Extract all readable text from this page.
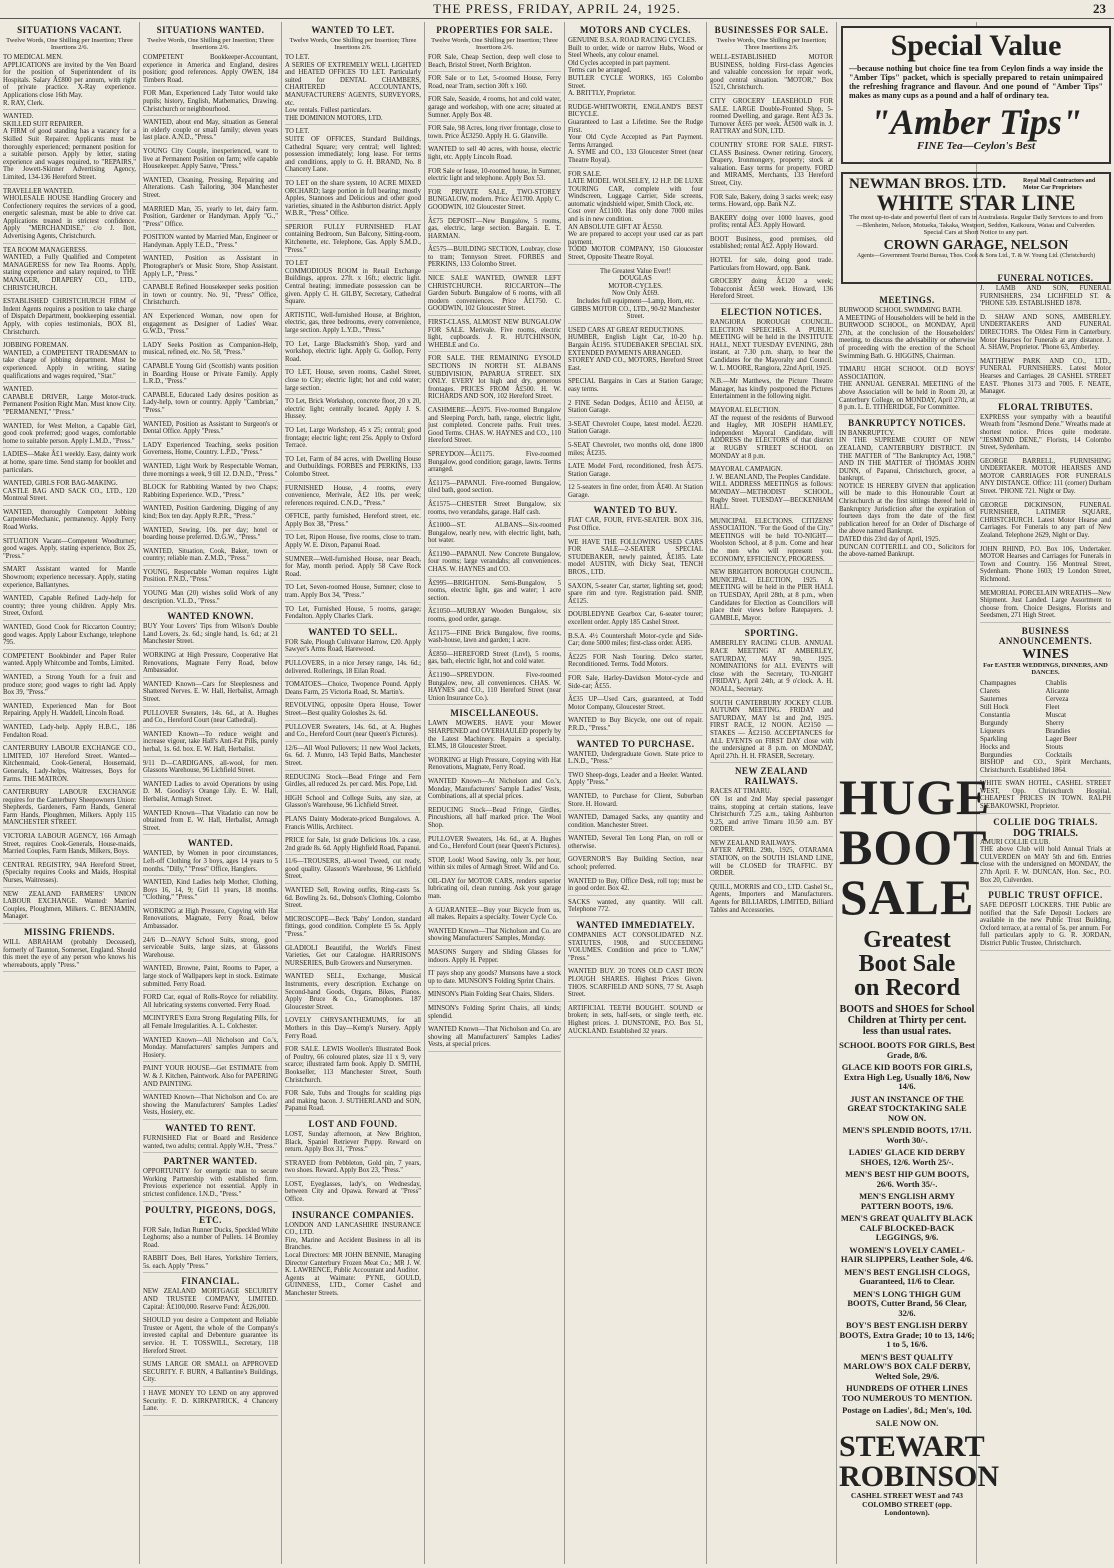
THE PRESS, FRIDAY, APRIL 24, 1925.	23
SITUATIONS VACANT.
Twelve Words, One Shilling per Insertion; Three Insertions 2/6.
TO MEDICAL MEN.
APPLICATIONS are invited by the Ven Board for the position of Superintendent of its Hospitals. Salary Â£800 per annum, with right of private practice. X-Ray experience. Applications close 16th May.
R. RAY, Clerk.
WANTED.
SKILLED SUIT REPAIRER.
A FIRM of good standing has a vacancy for a Skilled Suit Repairer. Applicants must be thoroughly experienced; permanent position for a suitable person. Apply by letter, stating experience and wages required, to "REPAIRS," The Jowett-Skinner Advertising Agency, Limited, 134-136 Hereford Street.
TRAVELLER WANTED.
WHOLESALE HOUSE Handling Grocery and Confectionery requires the services of a good, energetic salesman, must be able to drive car. Applications treated in strictest confidence. Apply "MERCHANDISE," c/o J. Ilott, Advertising Agents, Christchurch.
TEA ROOM MANAGERESS.
WANTED, a Fully Qualified and Competent MANAGERESS for new Tea Rooms. Apply, stating experience and salary required, to THE MANAGER, DRAPERY CO., LTD., CHRISTCHURCH.
ESTABLISHED CHRISTCHURCH FIRM of Indent Agents requires a position to take charge of Dispatch Department, bookkeeping essential. Apply, with copies testimonials, BOX 81, Christchurch.
JOBBING FOREMAN.
WANTED, a COMPETENT TRADESMAN to take charge of jobbing department. Must be experienced. Apply in writing, stating qualifications and wages required, "Star."
WANTED.
CAPABLE DRIVER, Large Motor-truck. Permanent Position Right Man. Must know City. "PERMANENT," "Press."
WANTED, for West Melton, a Capable Girl, good cook preferred; good wages, comfortable home to suitable person. Apply L.M.D., "Press."
LADIES—Make Â£1 weekly. Easy, dainty work at home, spare time. Send stamp for booklet and particulars.
WANTED, GIRLS FOR BAG-MAKING.
CASTLE BAG AND SACK CO., LTD., 120 Montreal Street.
WANTED, thoroughly Competent Jobbing Carpenter-Mechanic, permanency. Apply Ferry Road Works.
SITUATION Vacant—Competent Woodturner; good wages. Apply, stating experience, Box 25, "Press."
SMART Assistant wanted for Mantle Showroom; experience necessary. Apply, stating experience, Ballantynes.
WANTED, Capable Refined Lady-help for country; three young children. Apply Mrs. Street, Oxford.
WANTED, Good Cook for Riccarton Country; good wages. Apply Labour Exchange, telephone 795.
COMPETENT Bookbinder and Paper Ruler wanted. Apply Whitcombe and Tombs, Limited.
WANTED, a Strong Youth for a fruit and produce store; good wages to right lad. Apply Box 39, "Press."
WANTED, Experienced Man for Boot Repairing. Apply H. Waddell, Lincoln Road.
WANTED, Lady-help. Apply H.B.C., 186 Fendalton Road.
CANTERBURY LABOUR EXCHANGE CO., LIMITED, 107 Hereford Street. Wanted—Kitchenmaid, Cook-General, Housemaid, Generals, Lady-helps, Waitresses, Boys for Farms. THE MATRON.
CANTERBURY LABOUR EXCHANGE requires for the Canterbury Sheepowners Union: Shepherds, Gardeners, Farm Hands, General Farm Hands, Ploughmen, Milkers. Apply 115 MANCHESTER STREET.
VICTORIA LABOUR AGENCY, 166 Armagh Street, requires Cook-Generals, House-maids, Married Couples, Farm Hands, Milkers, Boys.
CENTRAL REGISTRY, 94A Hereford Street, (Specialty requires Cooks and Maids, Hospital Nurses, Waitresses).
NEW ZEALAND FARMERS' UNION LABOUR EXCHANGE. Wanted: Married Couples, Ploughmen, Milkers. C. BENJAMIN, Manager.
MISSING FRIENDS.
WILL ABRAHAM (probably Deceased), formerly of Taunton, Somerset, England. Should this meet the eye of any person who knows his whereabouts, apply "Press."
SITUATIONS WANTED.
Twelve Words, One Shilling per Insertion; Three Insertions 2/6.
COMPETENT Bookkeeper-Accountant, experience in America and England, desires position; good references. Apply OWEN, 184 Timbers Road.
FOR Man, Experienced Lady Tutor would take pupils; history, English, Mathematics, Drawing. Christchurch or neighbourhood.
WANTED, about end May, situation as General in elderly couple or small family; eleven years last place. A.N.D., "Press."
YOUNG City Couple, inexperienced, want to live at Permanent Position on farm; wife capable Housekeeper. Apply Sauve, "Press."
WANTED, Cleaning, Pressing, Repairing and Alterations. Cash Tailoring, 304 Manchester Street.
MARRIED Man, 35, yearly to let, dairy farm. Position, Gardener or Handyman. Apply "G.," "Press" Office.
POSITION wanted by Married Man, Engineer or Handyman. Apply T.E.D., "Press."
WANTED, Position as Assistant in Photographer's or Music Store, Shop Assistant. Apply L.P., "Press."
CAPABLE Refined Housekeeper seeks position in town or country. No. 91, "Press" Office, Christchurch.
AN Experienced Woman, now open for engagement as Designer of Ladies' Wear. G.W.D., "Press."
LADY Seeks Position as Companion-Help, musical, refined, etc. No. 58, "Press."
CAPABLE Young Girl (Scottish) wants position in Boarding House or Private Family. Apply L.R.D., "Press."
CAPABLE, Educated Lady desires position as Lady-help, town or country. Apply "Cambrian," "Press."
WANTED, Position as Assistant to Surgeon's or Dental Office. Apply "Press."
LADY Experienced Teaching, seeks position Governess, Home, Country. L.P.D., "Press."
WANTED, Light Work by Respectable Woman, three mornings a week, 9 till 12. D.N.D., "Press."
BLOCK for Rabbiting Wanted by two Chaps; Rabbiting Experience. W.D., "Press."
WANTED, Position Gardening, Digging of any kind; Box ten day. Apply R.P.R., "Press."
WANTED, Sewing, 10s. per day; hotel or boarding house preferred. D.G.W., "Press."
WANTED, Situation, Cook, Baker, town or country; reliable man. Z.M.D., "Press."
YOUNG, Respectable Woman requires Light Position. P.N.D., "Press."
YOUNG Man (20) wishes solid Work of any description. V.L.D., "Press."
WANTED KNOWN.
BUY Your Lovers' Tips from Wilson's Double Land Lovers, 2s. 6d.; single hand, 1s. 6d.; at 21 Manchester Street.
WORKING at High Pressure, Cooperative Hat Renovations, Magnate Ferry Road, below Ambassador.
WANTED Known—Cars for Sleeplesness and Shattered Nerves. E. W. Hall, Herbalist, Armagh Street.
PULLOVER Sweaters, 14s. 6d., at A. Hughes and Co., Hereford Court (near Cathedral).
WANTED Known—To reduce weight and increase vigour, take Hall's Anti-Fat Pills, purely herbal, 1s. 6d. box. E. W. Hall, Herbalist.
9/11 D—CARDIGANS, all-wool, for men. Glassons Warehouse, 96 Lichfield Street.
WANTED Ladies to avoid Operations by using D. M. Goodisy's Orange Lily. E. W. Hall, Herbalist, Armagh Street.
WANTED Known—That Vitadatio can now be obtained from E. W. Hall, Herbalist, Armagh Street.
WANTED.
WANTED, by Women in poor circumstances, Left-off Clothing for 3 boys, ages 14 years to 5 months. "Dilly," "Press" Office, Hanglers.
WANTED, Kind Ladies help Mother, Clothing, Boys 16, 14, 9; Girl 11 years, 18 months. "Clothing," "Press."
WORKING at High Pressure, Copying with Hat Renovations, Magnate, Ferry Road, below Ambassador.
24/6 D—NAVY School Suits, strong, good serviceable Suits, large sizes, at Glassons Warehouse.
WANTED, Browne, Paint, Rooms to Paper, a large stock of Wallpapers kept in stock. Estimate submitted. Ferry Road.
FORD Car, equal of Rolls-Royce for reliability. All lubricating systems converted. Ferry Road.
MCINTYRE'S Extra Strong Regulating Pills, for all Female Irregularities. A. L. Colchester.
WANTED Known—All Nicholson and Co.'s, Monday. Manufacturers' samples Jumpers and Hosiery.
PAINT YOUR HOUSE—Get ESTIMATE from W. & J. Kitchen, Paintwork. Also for PAPERING AND PAINTING.
WANTED Known—That Nicholson and Co. are showing the Manufacturers' Samples Ladies' Vests, Hosiery, etc.
WANTED TO RENT.
FURNISHED Flat or Board and Residence wanted, two adults; central. Apply W.H., "Press."
PARTNER WANTED.
OPPORTUNITY for energetic man to secure Working Partnership with established firm. Previous experience not essential. Apply in strictest confidence. I.N.D., "Press."
POULTRY, PIGEONS, DOGS, ETC.
FOR Sale, Indian Runner Ducks, Speckled White Leghorns; also a number of Pullets. 14 Bromley Road.
RABBIT Does, Bell Hares, Yorkshire Terriers, 5s. each. Apply "Press."
FINANCIAL.
NEW ZEALAND MORTGAGE SECURITY AND TRUSTEE COMPANY, LIMITED. Capital: Â£100,000. Reserve Fund: Â£26,000.
SHOULD you desire a Competent and Reliable Trustee or Agent, the whole of the Company's invested capital and Debenture guarantee its service. H. T. TOSSWILL, Secretary, 118 Hereford Street.
SUMS LARGE OR SMALL on APPROVED SECURITY. F. BURN, 4 Ballantine's Buildings, City.
I HAVE MONEY TO LEND on any approved Security. F. D. KIRKPATRICK, 4 Chancery Lane.
WANTED TO LET.
Twelve Words, One Shilling per Insertion; Three Insertions 2/6.
TO LET.
A SERIES OF EXTREMELY WELL LIGHTED and HEATED OFFICES TO LET. Particularly suited for DENTAL CHAMBERS, CHARTERED ACCOUNTANTS, MANUFACTURERS' AGENTS, SURVEYORS, etc.
Low rentals. Fullest particulars.
THE DOMINION MOTORS, LTD.
TO LET.
SUITE OF OFFICES, Standard Buildings, Cathedral Square; very central; well lighted; possession immediately; long lease. For terms and conditions, apply to G. H. BRAND, No. 8 Chancery Lane.
TO LET on the share system, 10 ACRE MIXED ORCHARD; large portion in full bearing; mostly Apples, Stannoes and Delicious and other good varieties, situated in the Ashburton district. Apply W.B.R., "Press" Office.
SPERIOR FULLY FURNISHED FLAT containing Bedroom, Sun Balcony, Sitting-room, Kitchenette, etc. Telephone, Gas. Apply S.M.D., "Press."
TO LET
COMMODIOUS ROOM in Retail Exchange Buildings, approx. 27ft. x 16ft.; electric light. Central heating; immediate possession can be given. Apply C. H. GILBY, Secretary, Cathedral Square.
ARTISTIC, Well-furnished House, at Brighton, electric, gas, three bedrooms, every convenience, large section. Apply L.Y.D., "Press."
TO Let, Large Blacksmith's Shop, yard and workshop, electric light. Apply G. Gollop, Ferry Road.
TO LET, House, seven rooms, Cashel Street, close to City; electric light; hot and cold water; large section.
TO Let, Brick Workshop, concrete floor, 20 x 20, electric light; centrally located. Apply J. S. Hussey.
TO Let, Large Workshop, 45 x 25; central; good frontage; electric light; rent 25s. Apply to Oxford Terrace.
TO Let, Farm of 84 acres, with Dwelling House and Outbuildings. FORBES and PERKINS, 133 Colombo Street.
FURNISHED House, 4 rooms, every convenience, Merivale, Â£2 10s. per week; references required. C.N.D., "Press."
OFFICE, partly furnished, Hereford street, etc. Apply Box 38, "Press."
TO Let, Ripon House, five rooms, close to tram. Apply W. E. Dixon, Papanui Road.
SUMNER—Well-furnished House, near Beach, for May, month period. Apply 58 Cave Rock Road.
TO Let, Seven-roomed House, Sumner; close to tram. Apply Box 34, "Press."
TO Let, Furnished House, 5 rooms, garage; Fendalton. Apply Charles Clark.
WANTED TO SELL.
FOR Sale, Plough Cultivator Harrow, £20. Apply Sawyer's Arms Road, Harewood.
PULLOVERS, in a nice Jersey range, 14s. 6d.; delivered. Rollerings, 18 Eilan Road.
TOMATOES—Choice, Twopence Pound. Apply Deans Farm, 25 Victoria Road, St. Martin's.
REVOLVING, opposite Opera House, Tower Street—Best quality Goloshes 2s. 6d.
PULLOVER Sweaters, 14s. 6d., at A. Hughes and Co., Hereford Court (near Queen's Pictures).
12/6—All Wool Pullovers; 11 new Wool Jackets, 6s. 6d. J. Munro, 143 Tepid Baths, Manchester Street.
REDUCING Stock—Bead Fringe and Fern Girdles, all reduced 2s. per card. Mrs. Pope, Ltd.
HIGH School and College Suits, any size, at Glasson's Warehouse, 96 Lichfield Street.
PLANS Dainty Moderate-priced Bungalows. A. Francis Willis, Architect.
PRICE for Sale, 1st grade Delicious 10s. a case, 2nd grade 8s. 6d. Apply Highfield Road, Papanui.
11/6—TROUSERS, all-wool Tweed, cut ready, good quality. Glasson's Warehouse, 96 Lichfield Street.
WANTED Sell, Rowing outfits, Ring-casts 5s. 6d. Bowling 2s. 6d., Dobson's Clothing, Colombo Street.
MICROSCOPE—Beck 'Baby' London, standard fittings, good condition. Complete £5 5s. Apply "Press."
GLADIOLI Beautiful, the World's Finest Varieties, Get our Catalogue. HARRISON'S NURSERIES, Bulb Growers and Nurserymen.
WANTED SELL, Exchange, Musical Instruments, every description. Exchange on Second-hand Goods, Organs, Bikes, Pianos. Apply Bruce & Co., Gramophones. 187 Gloucester Street.
LOVELY CHRYSANTHEMUMS, for all Mothers in this Day—Kemp's Nursery. Apply Ferry Road.
FOR SALE. LEWIS Woollen's Illustrated Book of Poultry, 66 coloured plates, size 11 x 9, very scarce; illustrated farm book. Apply D. SMITH, Bookseller, 113 Manchester Street, South Christchurch.
FOR Sale, Tubs and Troughs for scalding pigs and making bacon. J. SUTHERLAND and SON, Papanui Road.
LOST AND FOUND.
LOST, Sunday afternoon, at New Brighton, Black, Spaniel Retriever Puppy. Reward on return. Apply Box 31, "Press."
STRAYED from Pebbleton, Gold pin, 7 years, two shoes. Reward. Apply Box 23, "Press."
LOST, Eyeglasses, lady's, on Wednesday, between City and Opawa. Reward at "Press" Office.
INSURANCE COMPANIES.
LONDON AND LANCASHIRE INSURANCE CO., LTD.
Fire, Marine and Accident Business in all its Branches.
Local Directors: MR JOHN BENNIE, Managing Director Canterbury Frozen Meat Co.; MR J. W. K. LAWRENCE, Public Accountant and Auditor.
Agents at Waimate: PYNE, GOULD, GUINNESS, LTD., Corner Cashel and Manchester Streets.
PROPERTIES FOR SALE.
Twelve Words, One Shilling per Insertion; Three Insertions 2/6.
FOR Sale, Cheap Section, deep well close to Beach, Bristol Street, North Brighton.
FOR Sale or to Let, 5-roomed House, Ferry Road, near Tram, section 30ft x 160.
FOR Sale, Seaside, 4 rooms, hot and cold water, garage and workshop, with one acre; situated at Sumner. Apply Box 48.
FOR Sale, 98 Acres, long river frontage, close to town. Price Â£3250. Apply H. G. Glanville.
WANTED to sell 40 acres, with house, electric light, etc. Apply Lincoln Road.
FOR Sale or lease, 10-roomed house, in Sumner, electric light and telephone. Apply Box 53.
FOR PRIVATE SALE, TWO-STOREY BUNGALOW, modern. Price Â£1700. Apply C. GOODWIN, 102 Gloucester Street.
Â£75 DEPOSIT—New Bungalow, 5 rooms, gas, electric, large section. Bargain. E. T. HARMAN.
Â£575—BUILDING SECTION, Loubray, close to tram; Tennyson Street. FORBES and PERKINS, 133 Colombo Street.
NICE SALE WANTED, OWNER LEFT CHRISTCHURCH. RICCARTON—The Garden Suburb. Bungalow of 6 rooms, with all modern conveniences. Price Â£1750. C. GOODWIN, 102 Gloucester Street.
FIRST-CLASS, ALMOST NEW BUNGALOW FOR SALE. Merivale. Five rooms, electric light, cupboards. J. R. HUTCHINSON, WHEBLE and Co.
FOR SALE. THE REMAINING EYSOLD SECTIONS IN NORTH ST. ALBANS SUBDIVISION, PAPARUA STREET. SIX ONLY. EVERY lot high and dry, generous frontages. PRICES FROM Â£500. H. W. RICHARDS AND SON, 102 Hereford Street.
CASHMERE—Â£975. Five-roomed Bungalow and Sleeping Porch, bath, range, electric light, just completed. Concrete paths. Fruit trees. Good Terms. CHAS. W. HAYNES and CO., 110 Hereford Street.
SPREYDON—Â£1175. Five-roomed Bungalow, good condition; garage, lawns. Terms arranged.
Â£1175—PAPANUI. Five-roomed Bungalow, tiled bath, good section.
Â£1575—CHESTER Street Bungalow, six rooms, two verandahs, garage. Half cash.
Â£1000—ST. ALBANS—Six-roomed Bungalow, nearly new, with electric light, bath, hot water.
Â£1190—PAPANUI. New Concrete Bungalow, four rooms; large verandahs; all conveniences. CHAS. W. HAYNES and CO.
Â£995—BRIGHTON. Semi-Bungalow, 5 rooms, electric light, gas and water; 1 acre section.
Â£1050—MURRAY Wooden Bungalow, six rooms, good order, garage.
Â£1175—FINE Brick Bungalow, five rooms, wash-house, lawn and garden; 1 acre.
Â£850—HEREFORD Street (Lnvl), 5 rooms, gas, bath, electric light, hot and cold water.
Â£1190—SPREYDON. Five-roomed Bungalow, new, all conveniences. CHAS. W. HAYNES and CO., 110 Hereford Street (near Union Insurance Co.).
MISCELLANEOUS.
LAWN MOWERS. HAVE your Mower SHARPENED and OVERHAULED properly by the Latest Machinery. Repairs a specialty. ELMS, 18 Gloucester Street.
WORKING at High Pressure, Copying with Hat Renovations, Magnate, Ferry Road.
WANTED Known—At Nicholson and Co.'s, Monday, Manufacturers' Sample Ladies' Vests, Combinations, all at special prices.
REDUCING Stock—Bead Fringe, Girdles, Pincushions, all half marked price. The Wool Shop.
PULLOVER Sweaters, 14s. 6d., at A. Hughes and Co., Hereford Court (near Queen's Pictures).
STOP, Look! Wood Sawing, only 3s. per hour, within six miles of Armagh Street. Wild and Co.
OIL-DAY for MOTOR CARS, renders superior lubricating oil, clean running. Ask your garage man.
A GUARANTEE—Buy your Bicycle from us, all makes. Repairs a specialty. Tower Cycle Co.
WANTED Known—That Nicholson and Co. are showing Manufacturers' Samples, Monday.
MASONS Surgery and Sliding Glasses for indoors. Apply H. Pepper.
IT pays shop any goods? Munsons have a stock up to date. MUNSON'S Folding Sprint Chairs.
MINSON's Plain Folding Seat Chairs, Sliders.
MINSON's Folding Sprint Chairs, all kinds; splendid.
WANTED Known—That Nicholson and Co. are showing all Manufacturers' Samples Ladies' Vests, at special prices.
MOTORS AND CYCLES.
GENUINE B.S.A. ROAD RACING CYCLES.
Built to order, wide or narrow Hubs, Wood or Steel Wheels, any colour enamel.
Old Cycles accepted in part payment.
Terms can be arranged.
BUTLER CYCLE WORKS, 165 Colombo Street.
A. BRITTLY, Proprietor.
RUDGE-WHITWORTH, ENGLAND'S BEST BICYCLE.
Guaranteed to Last a Lifetime. See the Rudge First.
Your Old Cycle Accepted as Part Payment. Terms Arranged.
A. SYME and CO., 133 Gloucester Street (near Theatre Royal).
FOR SALE.
LATE MODEL WOLSELEY, 12 H.P. DE LUXE TOURING CAR, complete with four Windscreen, Luggage Carrier, Side screens, automatic windshield wiper, Smith Clock, etc.
Cost over Â£1100. Has only done 7000 miles and is in new condition.
AN ABSOLUTE GIFT AT Â£550.
We are prepared to accept your used car as part payment.
TODD MOTOR COMPANY, 150 Gloucester Street, Opposite Theatre Royal.
The Greatest Value Ever!!
DOUGLAS
MOTOR-CYCLES.
Now Only Â£69.
Includes full equipment—Lamp, Horn, etc.
GIBBS MOTOR CO., LTD., 90-92 Manchester Street.
USED CARS AT GREAT REDUCTIONS.
HUMBER, English Light Car, 10-20 h.p. Bargain Â£195. STUDEBAKER SPECIAL SIX. EXTENDED PAYMENTS ARRANGED.
STOREY AND CO., MOTORS, Hereford Street East.
SPECIAL Bargains in Cars at Station Garage; easy terms.
2 FINE Sedan Dodges, Â£110 and Â£150, at Station Garage.
3-SEAT Chevrolet Coupe, latest model. Â£220. Station Garage.
5-SEAT Chevrolet, two months old, done 1800 miles; Â£235.
LATE Model Ford, reconditioned, fresh Â£75. Station Garage.
12 5-seaters in fine order, from Â£40. At Station Garage.
WANTED TO BUY.
FIAT CAR, FOUR, FIVE-SEATER. BOX 316, Post Office.
WE HAVE THE FOLLOWING USED CARS FOR SALE—2-SEATER SPECIAL STUDEBAKER, newly painted, Â£185. Late model AUSTIN, with Dicky Seat, TENCH BROS., LTD.
SAXON, 5-seater Car, starter, lighting set, good; spare rim and tyre. Registration paid. SNIP, Â£125.
DOUBLEDYNE Gearbox Car, 6-seater tourer; excellent order. Apply 185 Cashel Street.
B.S.A. 4½ Countershaft Motor-cycle and Side-Car; done 5000 miles; first-class order. Â£85.
Â£225 FOR Nash Touring. Delco starter, Reconditioned. Terms. Todd Motors.
FOR Sale, Harley-Davidson Motor-cycle and Side-car; Â£55.
Â£35 UP—Used Cars, guaranteed, at Todd Motor Company, Gloucester Street.
WANTED to Buy Bicycle, one out of repair. P.R.D., "Press."
WANTED TO PURCHASE.
WANTED, Undergraduate Gown. State price to L.N.D., "Press."
TWO Sheep-dogs, Leader and a Heeler. Wanted. Apply "Press."
WANTED, to Purchase for Client, Suburban Store. H. Howard.
WANTED, Damaged Sacks, any quantity and condition. Manchester Street.
WANTED, Several Ten Long Plan, on roll or otherwise.
GOVERNOR'S Bay Building Section, near school; preferred.
WANTED to Buy, Office Desk, roll top; must be in good order. Box 42.
SACKS wanted, any quantity. Will call. Telephone 772.
WANTED IMMEDIATELY.
COMPANIES ACT CONSOLIDATED N.Z. STATUTES, 1908, and SUCCEEDING VOLUMES. Condition and price to "LAW," "Press."
WANTED BUY. 20 TONS OLD CAST IRON PLOUGH SHARES. Highest Prices Given. THOS. SCARFIELD AND SONS, 77 St. Asaph Street.
ARTIFICIAL TEETH BOUGHT. SOUND or broken; in sets, half-sets, or single teeth, etc. Highest prices. J. DUNSTONE, P.O. Box 51, AUCKLAND. Established 32 years.
BUSINESSES FOR SALE.
Twelve Words, One Shilling per Insertion; Three Insertions 2/6.
WELL-ESTABLISHED MOTOR BUSINESS, holding First-class Agencies and valuable concession for repair work, good central situation. "MOTOR," Box 1521, Christchurch.
CITY GROCERY LEASEHOLD FOR SALE. LARGE Double-Fronted Shop, 5-roomed Dwelling, and garage. Rent Â£3 3s. Turnover Â£65 per week. Â£500 walk in. J. RATTRAY and SON, LTD.
COUNTRY STORE FOR SALE. FIRST-CLASS Business. Owner retiring. Grocery, Drapery, Ironmongery, property; stock at valuation. Easy terms for property. FORD and MIRAMS, Merchants, 133 Hereford Street, City.
FOR Sale, Bakery, doing 3 sacks week; easy terms. Howard, opp. Bank N.Z.
BAKERY doing over 1000 loaves, good profits; rental Â£3. Apply Howard.
BOOT Business, good premises, old established; rental Â£2. Apply Howard.
HOTEL for sale, doing good trade. Particulars from Howard, opp. Bank.
GROCERY doing Â£120 a week; Tobacconist Â£50 week. Howard, 136 Hereford Street.
ELECTION NOTICES.
RANGIORA BOROUGH COUNCIL. ELECTION SPEECHES. A PUBLIC MEETING will be held in the INSTITUTE HALL, NEXT TUESDAY EVENING, 28th instant, at 7.30 p.m. sharp, to hear the Candidates for the Mayoralty and Council. W. L. MOORE, Rangiora, 22nd April, 1925.
N.B.—Mr Matthews, the Picture Theatre Manager, has kindly postponed the Pictures Entertainment in the following night.
MAYORAL ELECTION.
AT the request of the residents of Burwood and Hagley, MR JOSEPH HAMLEY, independent Mayoral Candidate, will ADDRESS the ELECTORS of that district at RUGBY STREET SCHOOL on MONDAY at 8 p.m.
MAYORAL CAMPAIGN.
J. W. BEANLAND, The Peoples Candidate.
WILL ADDRESS MEETINGS as follows: MONDAY—METHODIST SCHOOL, Rugby Street. TUESDAY—BECKENHAM HALL.
MUNICIPAL ELECTIONS. CITIZENS' ASSOCIATION. "For the Good of the City." MEETINGS will be held TO-NIGHT—Woolston School, at 8 p.m. Come and hear the men who will represent you. ECONOMY, EFFICIENCY, PROGRESS.
NEW BRIGHTON BOROUGH COUNCIL. MUNICIPAL ELECTION, 1925. A MEETING will be held in the PIER HALL on TUESDAY, April 28th, at 8 p.m., when Candidates for Election as Councillors will place their views before Ratepayers. J. GAMBLE, Mayor.
SPORTING.
AMBERLEY RACING CLUB. ANNUAL RACE MEETING AT AMBERLEY, SATURDAY, MAY 9th, 1925. NOMINATIONS for ALL EVENTS will close with the Secretary, TO-NIGHT (FRIDAY), April 24th, at 9 o'clock. A. H. NOALL, Secretary.
SOUTH CANTERBURY JOCKEY CLUB. AUTUMN MEETING. FRIDAY and SATURDAY, MAY 1st and 2nd, 1925. FIRST RACE, 12 NOON. Â£2150 — STAKES — Â£2150. ACCEPTANCES for ALL EVENTS on FIRST DAY close with the undersigned at 8 p.m. on MONDAY, April 27th. H. H. FRASER, Secretary.
NEW ZEALAND RAILWAYS.
RACES AT TIMARU.
ON 1st and 2nd May special passenger trains, stopping at certain stations, leave Christchurch 7.25 a.m., taking Ashburton 9.25, and arrive Timaru 10.50 a.m. BY ORDER.
NEW ZEALAND RAILWAYS.
AFTER APRIL 29th, 1925, OTARAMA STATION, on the SOUTH ISLAND LINE, will be CLOSED for TRAFFIC. BY ORDER.
QUILL, MORRIS and CO., LTD. Cashel St., Agents, Importers and Manufacturers. Agents for BILLIARDS, LIMITED, Billiard Tables and Accessories.
Special Value
—because nothing but choice fine tea from Ceylon finds a way inside the "Amber Tips" packet, which is specially prepared to retain unimpaired the refreshing fragrance and flavour. And one pound of "Amber Tips" makes as many cups as a pound and a half of ordinary tea.
"Amber Tips"
FINE Tea—Ceylon's Best
NEWMAN BROS. LTD.	Royal Mail Contractors and Motor Car Proprietors
WHITE STAR LINE
The most up-to-date and powerful fleet of cars in Australasia. Regular Daily Services to and from—Blenheim, Nelson, Motueka, Takaka, Westport, Seddon, Kaikoura, Waiau and Culverden. Special Cars at Short Notice to any part.
CROWN GARAGE, NELSON
Agents—Government Tourist Bureau, Thos. Cook & Sons Ltd., T. & W. Young Ltd. (Christchurch)
MEETINGS.
BURWOOD SCHOOL SWIMMING BATH.
A MEETING of Householders will be held in the BURWOOD SCHOOL, on MONDAY, April 27th, at the conclusion of the Householders' meeting, to discuss the advisability or otherwise of proceeding with the erection of the School Swimming Bath. G. HIGGINS, Chairman.
TIMARU HIGH SCHOOL OLD BOYS' ASSOCIATION.
THE ANNUAL GENERAL MEETING of the above Association will be held in Room 20, at Canterbury College, on MONDAY, April 27th, at 8 p.m. L. E. TITHERIDGE, For Committee.
BANKRUPTCY NOTICES.
IN BANKRUPTCY.
IN THE SUPREME COURT OF NEW ZEALAND, CANTERBURY DISTRICT. IN THE MATTER of "The Bankruptcy Act, 1908," AND IN THE MATTER of THOMAS JOHN DUNN, of Papanui, Christchurch, grocer, a bankrupt.
NOTICE IS HEREBY GIVEN that application will be made to this Honourable Court at Christchurch at the first sittings thereof held in Bankruptcy Jurisdiction after the expiration of fourteen days from the date of the first publication hereof for an Order of Discharge of the above named Bankrupt.
DATED this 23rd day of April, 1925.
DUNCAN COTTERILL and CO., Solicitors for the above-named Bankrupt.
HUGE
BOOT
SALE
Greatest
Boot Sale
on Record
BOOTS and SHOES for School Children at Thirty per cent. less than usual rates.
SCHOOL BOOTS FOR GIRLS, Best Grade, 8/6.
GLACE KID BOOTS FOR GIRLS, Extra High Leg, Usually 18/6, Now 14/6.
JUST AN INSTANCE OF THE GREAT STOCKTAKING SALE NOW ON.
MEN'S SPLENDID BOOTS, 17/11. Worth 30/-.
LADIES' GLACE KID DERBY SHOES, 12/6. Worth 25/-.
MEN'S BEST HIP GUM BOOTS, 26/6. Worth 35/-.
MEN'S ENGLISH ARMY PATTERN BOOTS, 19/6.
MEN'S GREAT QUALITY BLACK CALF BLOCKED-BACK LEGGINGS, 9/6.
WOMEN'S LOVELY CAMEL-HAIR SLIPPERS, Leather Sole, 4/6.
MEN'S BEST ENGLISH CLOGS, Guaranteed, 11/6 to Clear.
MEN'S LONG THIGH GUM BOOTS, Cutter Brand, 56 Clear, 32/6.
BOY'S BEST ENGLISH DERBY BOOTS, Extra Grade; 10 to 13, 14/6; 1 to 5, 16/6.
MEN'S BEST QUALITY MARLOW'S BOX CALF DERBY, Welted Sole, 29/6.
HUNDREDS OF OTHER LINES TOO NUMEROUS TO MENTION.
Postage on Ladies', 8d.; Men's, 10d.
SALE NOW ON.
STEWART
ROBINSON
CASHEL STREET WEST and 743 COLOMBO STREET (opp. Londontown).
FUNERAL NOTICES.
J. LAMB AND SON, FUNERAL FURNISHERS, 234 LICHFIELD ST. & 'PHONE 539. ESTABLISHED 1878.
D. SHAW AND SONS, AMBERLEY. UNDERTAKERS AND FUNERAL DIRECTORS. The Oldest Firm in Canterbury. Motor Hearses for Funerals at any distance. J. A. SHAW, Proprietor. 'Phone 63, Amberley.
MATTHEW PARK AND CO., LTD., FUNERAL FURNISHERS. Latest Motor Hearses and Carriages. 28 CASHEL STREET EAST. 'Phones 3173 and 7005. F. NEATE, Manager.
FLORAL TRIBUTES.
EXPRESS your sympathy with a beautiful Wreath from "Jesmond Dene." Wreaths made at shortest notice. Prices quite moderate. "JESMOND DENE," Florists, 14 Colombo Street, Sydenham.
GEORGE BARRELL, FURNISHING UNDERTAKER. MOTOR HEARSES AND MOTOR CARRIAGES FOR FUNERALS ANY DISTANCE. Office: 111 (corner) Durham Street. 'PHONE 721. Night or Day.
GEORGE DICKINSON, FUNERAL FURNISHER, LATIMER SQUARE, CHRISTCHURCH. Latest Motor Hearse and Carriages. For Funerals to any part of New Zealand. Telephone 2629, Night or Day.
JOHN RHIND, P.O. Box 106, Undertaker. MOTOR Hearses and Carriages for Funerals in Town and Country. 156 Montreal Street, Sydenham. 'Phone 1603; 19 London Street, Richmond.
MEMORIAL PORCELAIN WREATHS—New Shipment. Just Landed. Large Assortment to choose from. Choice Designs, Florists and Seedsmen, 271 High Street.
BUSINESS ANNOUNCEMENTS.
WINES
For EASTER WEDDINGS, DINNERS, AND DANCES.
Champagnes
Clarets
Sauternes
Still Hock
Constantia
Burgundy
Liqueurs
Sparkling
Hocks and
Burgundies
Chablis
Alicante
Cerveza
Fleet
Muscat
Sherry
Brandies
Lager Beer
Stouts
Cocktails
BISHOP and CO., Spirit Merchants, Christchurch. Established 1864.
WHITE SWAN HOTEL, CASHEL STREET WEST, Opp. Christchurch Hospital. CHEAPEST PRICES IN TOWN. RALPH SIEBAKOWSKI, Proprietor.
COLLIE DOG TRIALS.
DOG TRIALS.
AMURI COLLIE CLUB.
THE above Club will hold Annual Trials at CULVERDEN on MAY 5th and 6th. Entries close with the undersigned on MONDAY, the 27th April. F. W. DUNCAN, Hon. Sec., P.O. Box 20, Culverden.
PUBLIC TRUST OFFICE.
SAFE DEPOSIT LOCKERS. THE Public are notified that the Safe Deposit Lockers are available in the new Public Trust Building, Oxford terrace, at a rental of 5s. per annum. For full particulars apply to G. R. JORDAN, District Public Trustee, Christchurch.
